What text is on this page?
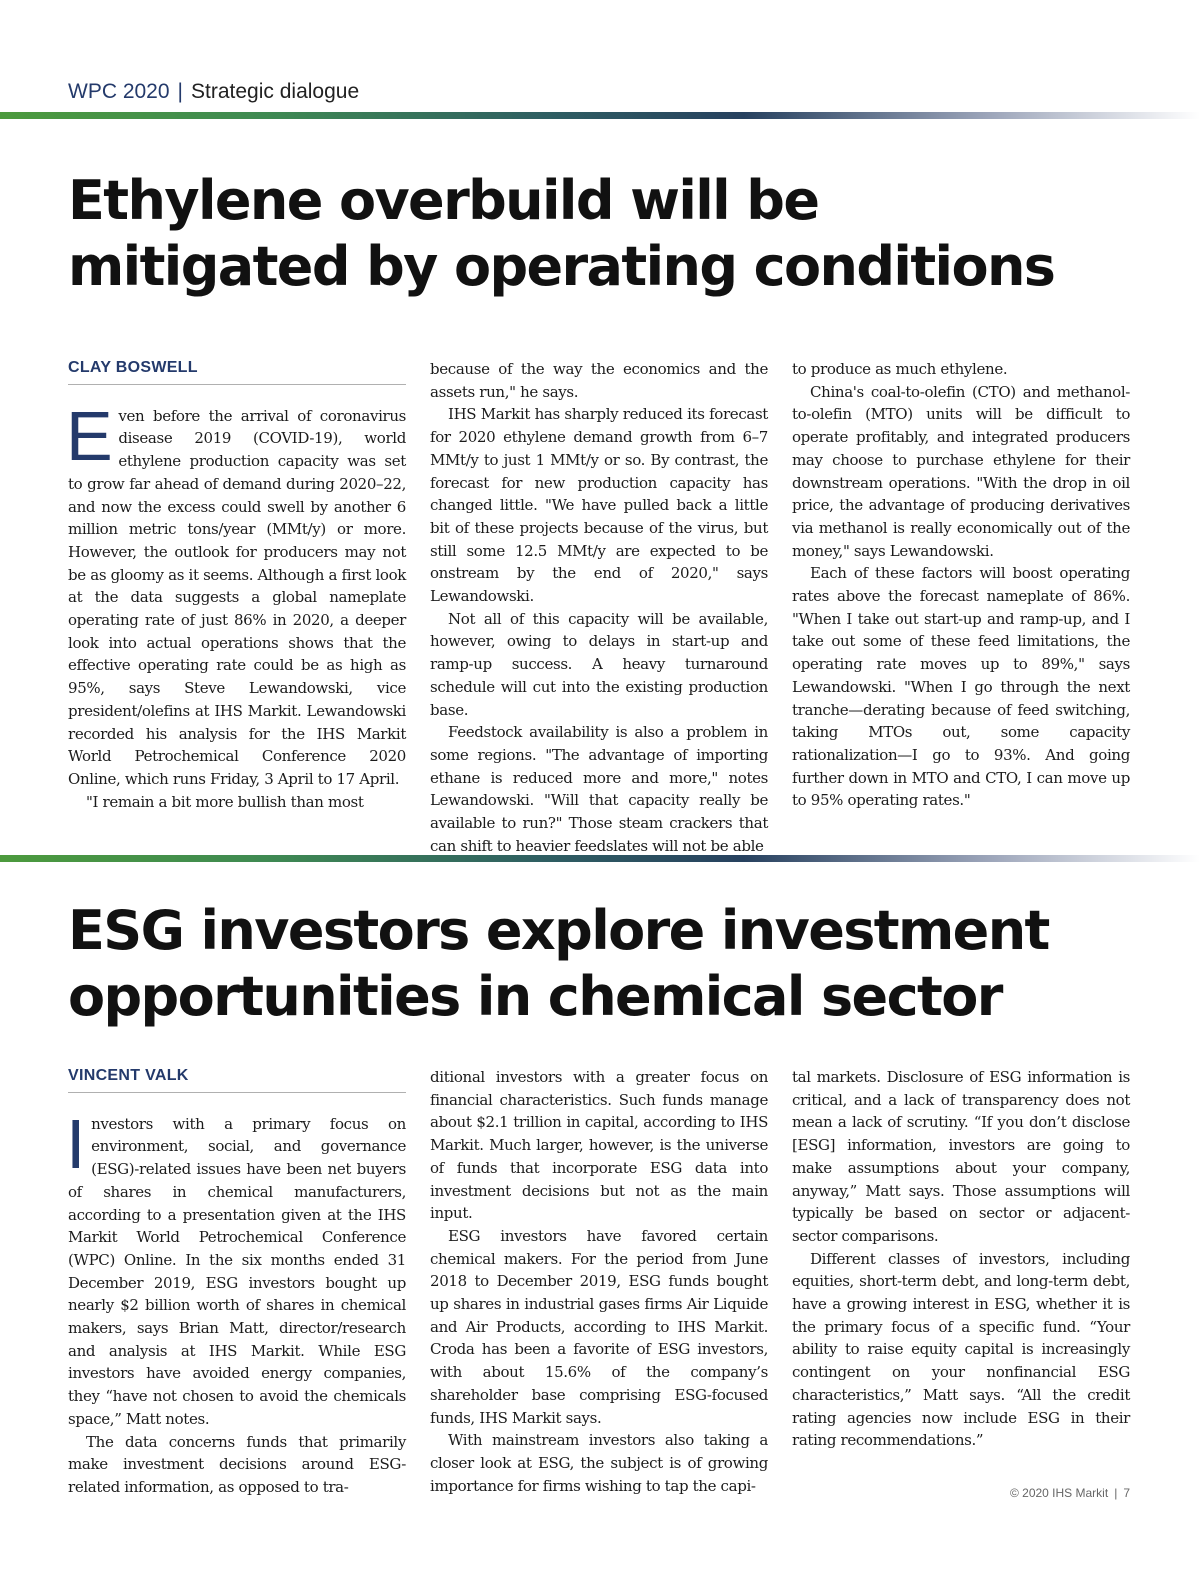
WPC 2020 | Strategic dialogue
Ethylene overbuild will be
mitigated by operating conditions
CLAY BOSWELL

Even before the arrival of coronavirus disease 2019 (COVID-19), world ethylene production capacity was set to grow far ahead of demand during 2020–22, and now the excess could swell by another 6 million metric tons/year (MMt/y) or more. However, the outlook for producers may not be as gloomy as it seems. Although a first look at the data suggests a global nameplate operating rate of just 86% in 2020, a deeper look into actual operations shows that the effective operating rate could be as high as 95%, says Steve Lewandowski, vice president/olefins at IHS Markit. Lewandowski recorded his analysis for the IHS Markit World Petrochemical Conference 2020 Online, which runs Friday, 3 April to 17 April.

"I remain a bit more bullish than most

because of the way the economics and the assets run," he says.

IHS Markit has sharply reduced its forecast for 2020 ethylene demand growth from 6–7 MMt/y to just 1 MMt/y or so. By contrast, the forecast for new production capacity has changed little. "We have pulled back a little bit of these projects because of the virus, but still some 12.5 MMt/y are expected to be onstream by the end of 2020," says Lewandowski.

Not all of this capacity will be available, however, owing to delays in start-up and ramp-up success. A heavy turnaround schedule will cut into the existing production base.

Feedstock availability is also a problem in some regions. "The advantage of importing ethane is reduced more and more," notes Lewandowski. "Will that capacity really be available to run?" Those steam crackers that can shift to heavier feedslates will not be able

to produce as much ethylene.

China's coal-to-olefin (CTO) and methanol-to-olefin (MTO) units will be difficult to operate profitably, and integrated producers may choose to purchase ethylene for their downstream operations. "With the drop in oil price, the advantage of producing derivatives via methanol is really economically out of the money," says Lewandowski.

Each of these factors will boost operating rates above the forecast nameplate of 86%. "When I take out start-up and ramp-up, and I take out some of these feed limitations, the operating rate moves up to 89%," says Lewandowski. "When I go through the next tranche—derating because of feed switching, taking MTOs out, some capacity rationalization—I go to 93%. And going further down in MTO and CTO, I can move up to 95% operating rates."

ESG investors explore investment
opportunities in chemical sector
VINCENT VALK

Investors with a primary focus on environment, social, and governance (ESG)-related issues have been net buyers of shares in chemical manufacturers, according to a presentation given at the IHS Markit World Petrochemical Conference (WPC) Online. In the six months ended 31 December 2019, ESG investors bought up nearly $2 billion worth of shares in chemical makers, says Brian Matt, director/research and analysis at IHS Markit. While ESG investors have avoided energy companies, they “have not chosen to avoid the chemicals space,” Matt notes.

The data concerns funds that primarily make investment decisions around ESG-related information, as opposed to tra-

ditional investors with a greater focus on financial characteristics. Such funds manage about $2.1 trillion in capital, according to IHS Markit. Much larger, however, is the universe of funds that incorporate ESG data into investment decisions but not as the main input.

ESG investors have favored certain chemical makers. For the period from June 2018 to December 2019, ESG funds bought up shares in industrial gases firms Air Liquide and Air Products, according to IHS Markit. Croda has been a favorite of ESG investors, with about 15.6% of the company’s shareholder base comprising ESG-focused funds, IHS Markit says.

With mainstream investors also taking a closer look at ESG, the subject is of growing importance for firms wishing to tap the capi-

tal markets. Disclosure of ESG information is critical, and a lack of transparency does not mean a lack of scrutiny. “If you don’t disclose [ESG] information, investors are going to make assumptions about your company, anyway,” Matt says. Those assumptions will typically be based on sector or adjacent-sector comparisons.

Different classes of investors, including equities, short-term debt, and long-term debt, have a growing interest in ESG, whether it is the primary focus of a specific fund. “Your ability to raise equity capital is increasingly contingent on your nonfinancial ESG characteristics,” Matt says. “All the credit rating agencies now include ESG in their rating recommendations.”

© 2020 IHS Markit | 7
